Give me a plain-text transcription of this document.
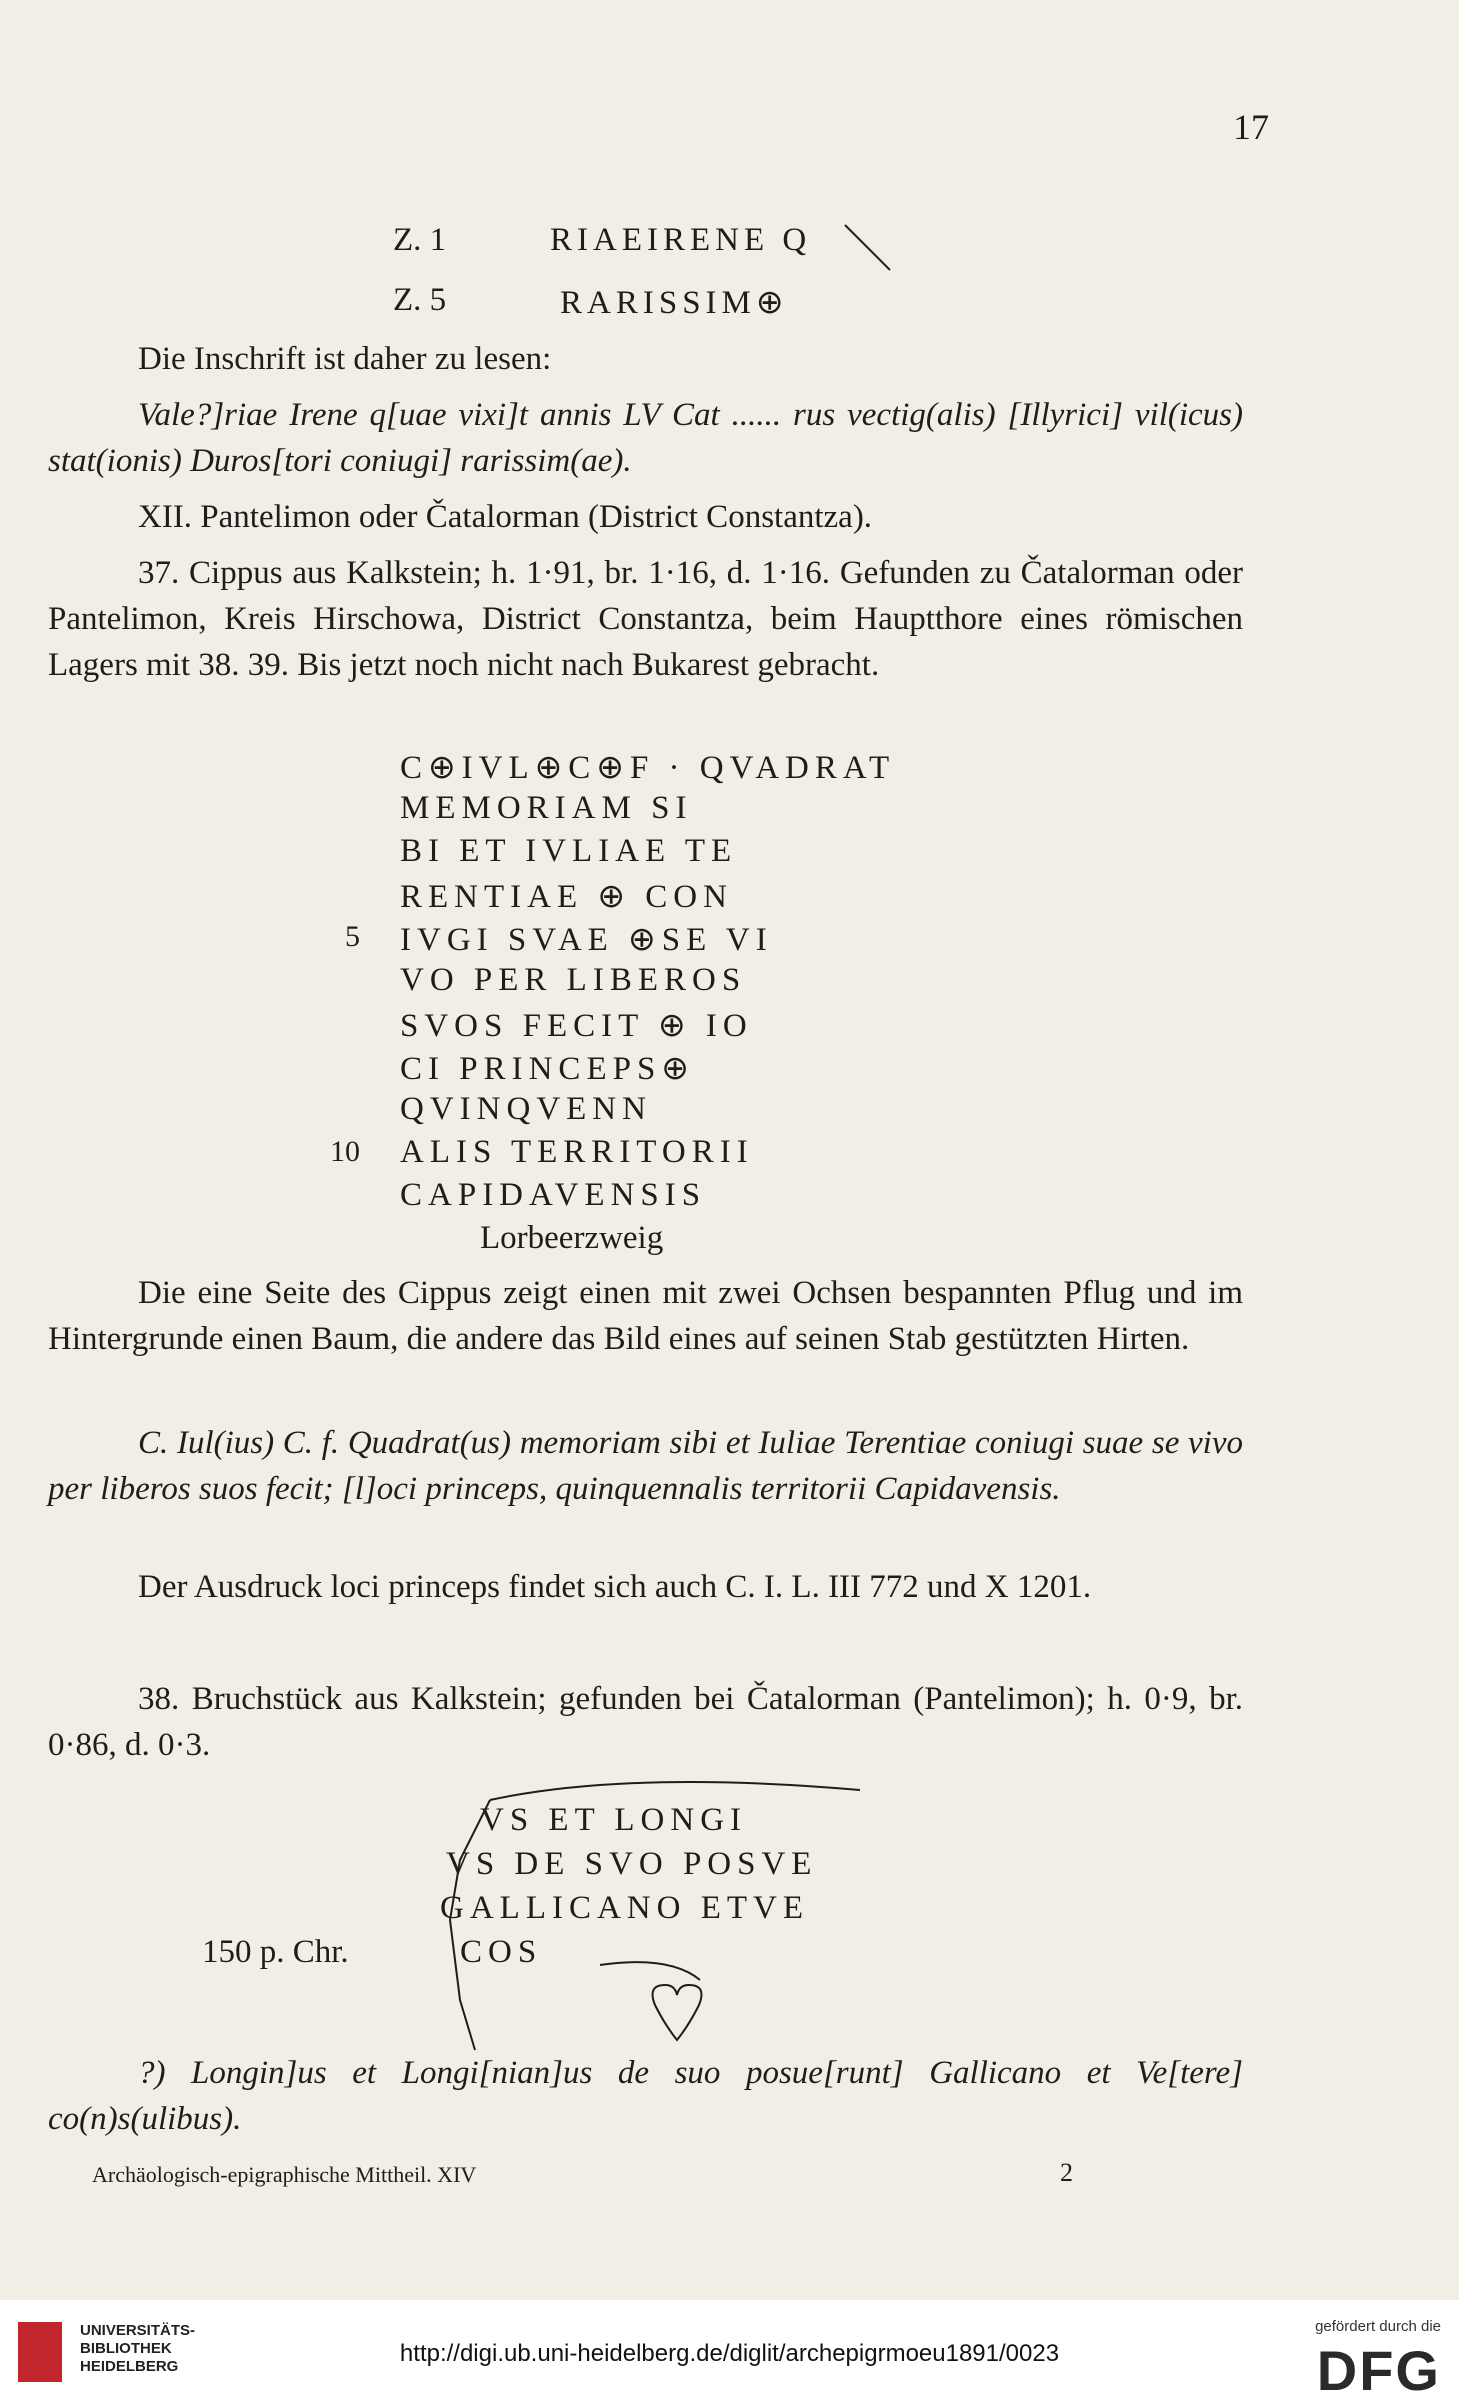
17
Z. 1	RIAEIRENE Q
Z. 5	RARISSIM⊕
Die Inschrift ist daher zu lesen:
Vale?]riae Irene q[uae vixi]t annis LV Cat ...... rus vectig(alis) [Illyrici] vil(icus) stat(ionis) Duros[tori coniugi] rarissim(ae).
XII. Pantelimon oder Čatalorman (District Constantza).
37. Cippus aus Kalkstein; h. 1·91, br. 1·16, d. 1·16. Gefunden zu Čatalorman oder Pantelimon, Kreis Hirschowa, District Constantza, beim Hauptthore eines römischen Lagers mit 38. 39. Bis jetzt noch nicht nach Bukarest gebracht.
C⊕IVL⊕C⊕F · QVADRAT
MEMORIAM SI
BI ET IVLIAE TE
RENTIAE ⊕ CON
5 IVGI SVAE ⊕SE VI
VO PER LIBEROS
SVOS FECIT ⊕ IO
CI PRINCEPS⊕
QVINQVENN
10 ALIS TERRITORII
CAPIDAVENSIS
Lorbeerzweig
Die eine Seite des Cippus zeigt einen mit zwei Ochsen bespannten Pflug und im Hintergrunde einen Baum, die andere das Bild eines auf seinen Stab gestützten Hirten.
C. Iul(ius) C. f. Quadrat(us) memoriam sibi et Iuliae Terentiae coniugi suae se vivo per liberos suos fecit; [l]oci princeps, quinquennalis territorii Capidavensis.
Der Ausdruck loci princeps findet sich auch C. I. L. III 772 und X 1201.
38. Bruchstück aus Kalkstein; gefunden bei Čatalorman (Pantelimon); h. 0·9, br. 0·86, d. 0·3.
VS ET LONGI
VS DE SVO POSVE
GALLICANO ETVE
COS
150 p. Chr.
?) Longin]us et Longi[nian]us de suo posue[runt] Gallicano et Ve[tere] co(n)s(ulibus).
Archäologisch-epigraphische Mittheil. XIV	2
UNIVERSITÄTS-
BIBLIOTHEK
HEIDELBERG	http://digi.ub.uni-heidelberg.de/diglit/archepigrmoeu1891/0023
gefördert durch die
DFG
